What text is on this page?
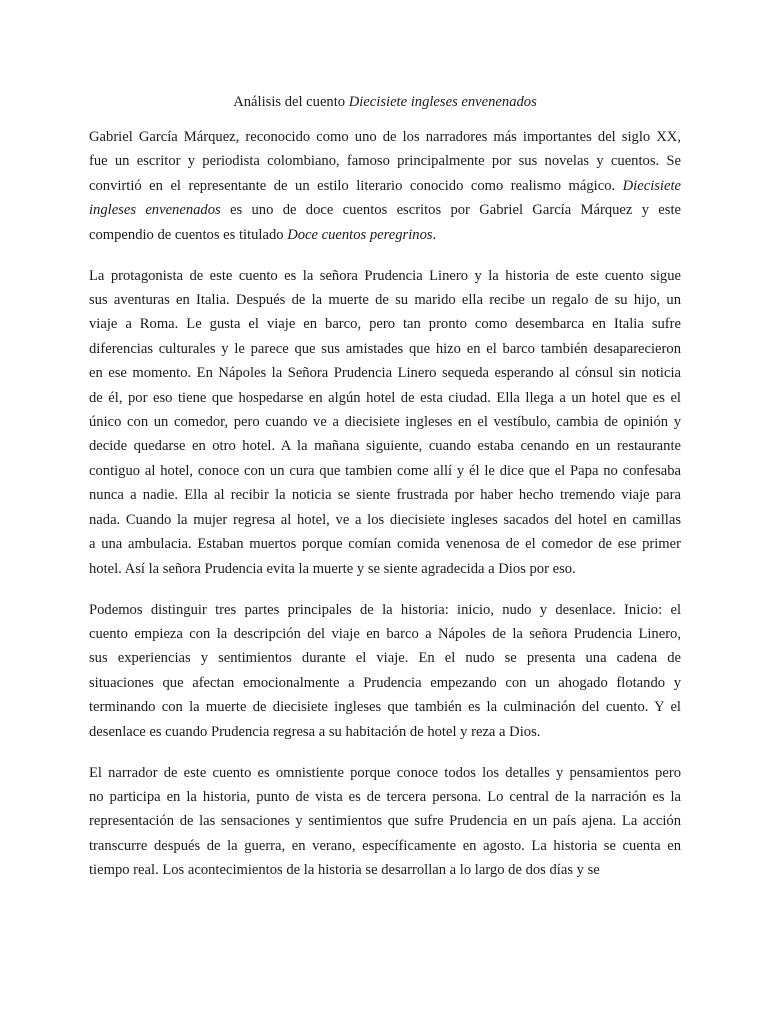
Análisis del cuento Diecisiete ingleses envenenados

Gabriel García Márquez, reconocido como uno de los narradores más importantes del siglo XX,
fue un escritor y periodista colombiano, famoso principalmente por sus novelas y cuentos. Se
convirtió en el representante de un estilo literario conocido como realismo mágico. Diecisiete
ingleses envenenados es uno de doce cuentos escritos por Gabriel García Márquez y este
compendio de cuentos es titulado Doce cuentos peregrinos.

La protagonista de este cuento es la señora Prudencia Linero y la historia de este cuento sigue
sus aventuras en Italia. Después de la muerte de su marido ella recibe un regalo de su hijo, un
viaje a Roma. Le gusta el viaje en barco, pero tan pronto como desembarca en Italia sufre
diferencias culturales y le parece que sus amistades que hizo en el barco también desaparecieron
en ese momento. En Nápoles la Señora Prudencia Linero sequeda esperando al cónsul sin noticia
de él, por eso tiene que hospedarse en algún hotel de esta ciudad. Ella llega a un hotel que es el
único con un comedor, pero cuando ve a diecisiete ingleses en el vestíbulo, cambia de opinión y
decide quedarse en otro hotel. A la mañana siguiente, cuando estaba cenando en un restaurante
contiguo al hotel, conoce con un cura que tambien come allí y él le dice que el Papa no confesaba
nunca a nadie. Ella al recibir la noticia se siente frustrada por haber hecho tremendo viaje para
nada. Cuando la mujer regresa al hotel, ve a los diecisiete ingleses sacados del hotel en camillas
a una ambulacia. Estaban muertos porque comían comida venenosa de el comedor de ese primer
hotel. Así la señora Prudencia evita la muerte y se siente agradecida a Dios por eso.

Podemos distinguir tres partes principales de la historia: inicio, nudo y desenlace. Inicio: el
cuento empieza con la descripción del viaje en barco a Nápoles de la señora Prudencia Linero,
sus experiencias y sentimientos durante el viaje. En el nudo se presenta una cadena de
situaciones que afectan emocionalmente a Prudencia empezando con un ahogado flotando y
terminando con la muerte de diecisiete ingleses que también es la culminación del cuento. Y el
desenlace es cuando Prudencia regresa a su habitación de hotel y reza a Dios.

El narrador de este cuento es omnistiente porque conoce todos los detalles y pensamientos pero
no participa en la historia, punto de vista es de tercera persona. Lo central de la narración es la
representación de las sensaciones y sentimientos que sufre Prudencia en un país ajena. La acción
transcurre después de la guerra, en verano, específicamente en agosto. La historia se cuenta en
tiempo real. Los acontecimientos de la historia se desarrollan a lo largo de dos días y se
